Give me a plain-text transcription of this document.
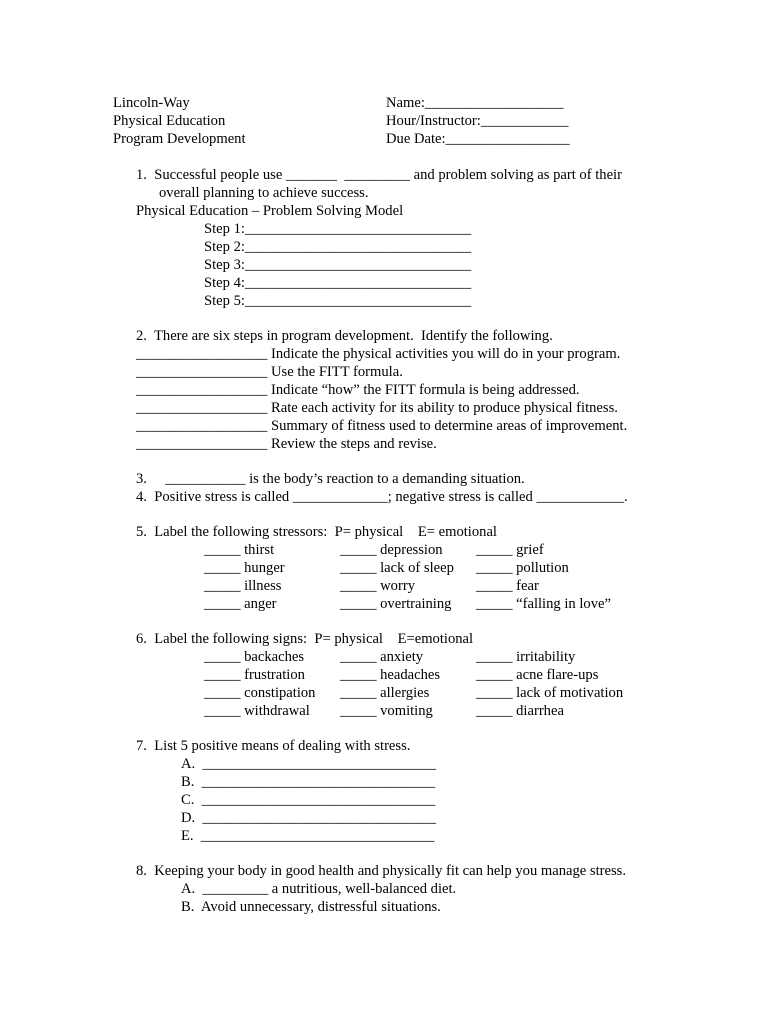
Lincoln-Way
Physical Education
Program Development
Name:___________________
Hour/Instructor:____________
Due Date:_________________
1.  Successful people use _______  _________ and problem solving as part of their
overall planning to achieve success.
Physical Education – Problem Solving Model
Step 1:_______________________________
Step 2:_______________________________
Step 3:_______________________________
Step 4:_______________________________
Step 5:_______________________________
2.  There are six steps in program development.  Identify the following.
__________________ Indicate the physical activities you will do in your program.
__________________ Use the FITT formula.
__________________ Indicate “how” the FITT formula is being addressed.
__________________ Rate each activity for its ability to produce physical fitness.
__________________ Summary of fitness used to determine areas of improvement.
__________________ Review the steps and revise.
3.     ___________ is the body’s reaction to a demanding situation.
4.  Positive stress is called _____________; negative stress is called ____________.
5.  Label the following stressors:  P= physical    E= emotional
_____ thirst
_____ hunger
_____ illness
_____ anger
_____ depression
_____ lack of sleep
_____ worry
_____ overtraining
_____ grief
_____ pollution
_____ fear
_____ “falling in love”
6.  Label the following signs:  P= physical    E=emotional
_____ backaches
_____ frustration
_____ constipation
_____ withdrawal
_____ anxiety
_____ headaches
_____ allergies
_____ vomiting
_____ irritability
_____ acne flare-ups
_____ lack of motivation
_____ diarrhea
7.  List 5 positive means of dealing with stress.
A.  ________________________________
B.  ________________________________
C.  ________________________________
D.  ________________________________
E.  ________________________________
8.  Keeping your body in good health and physically fit can help you manage stress.
A.  _________ a nutritious, well-balanced diet.
B.  Avoid unnecessary, distressful situations.
